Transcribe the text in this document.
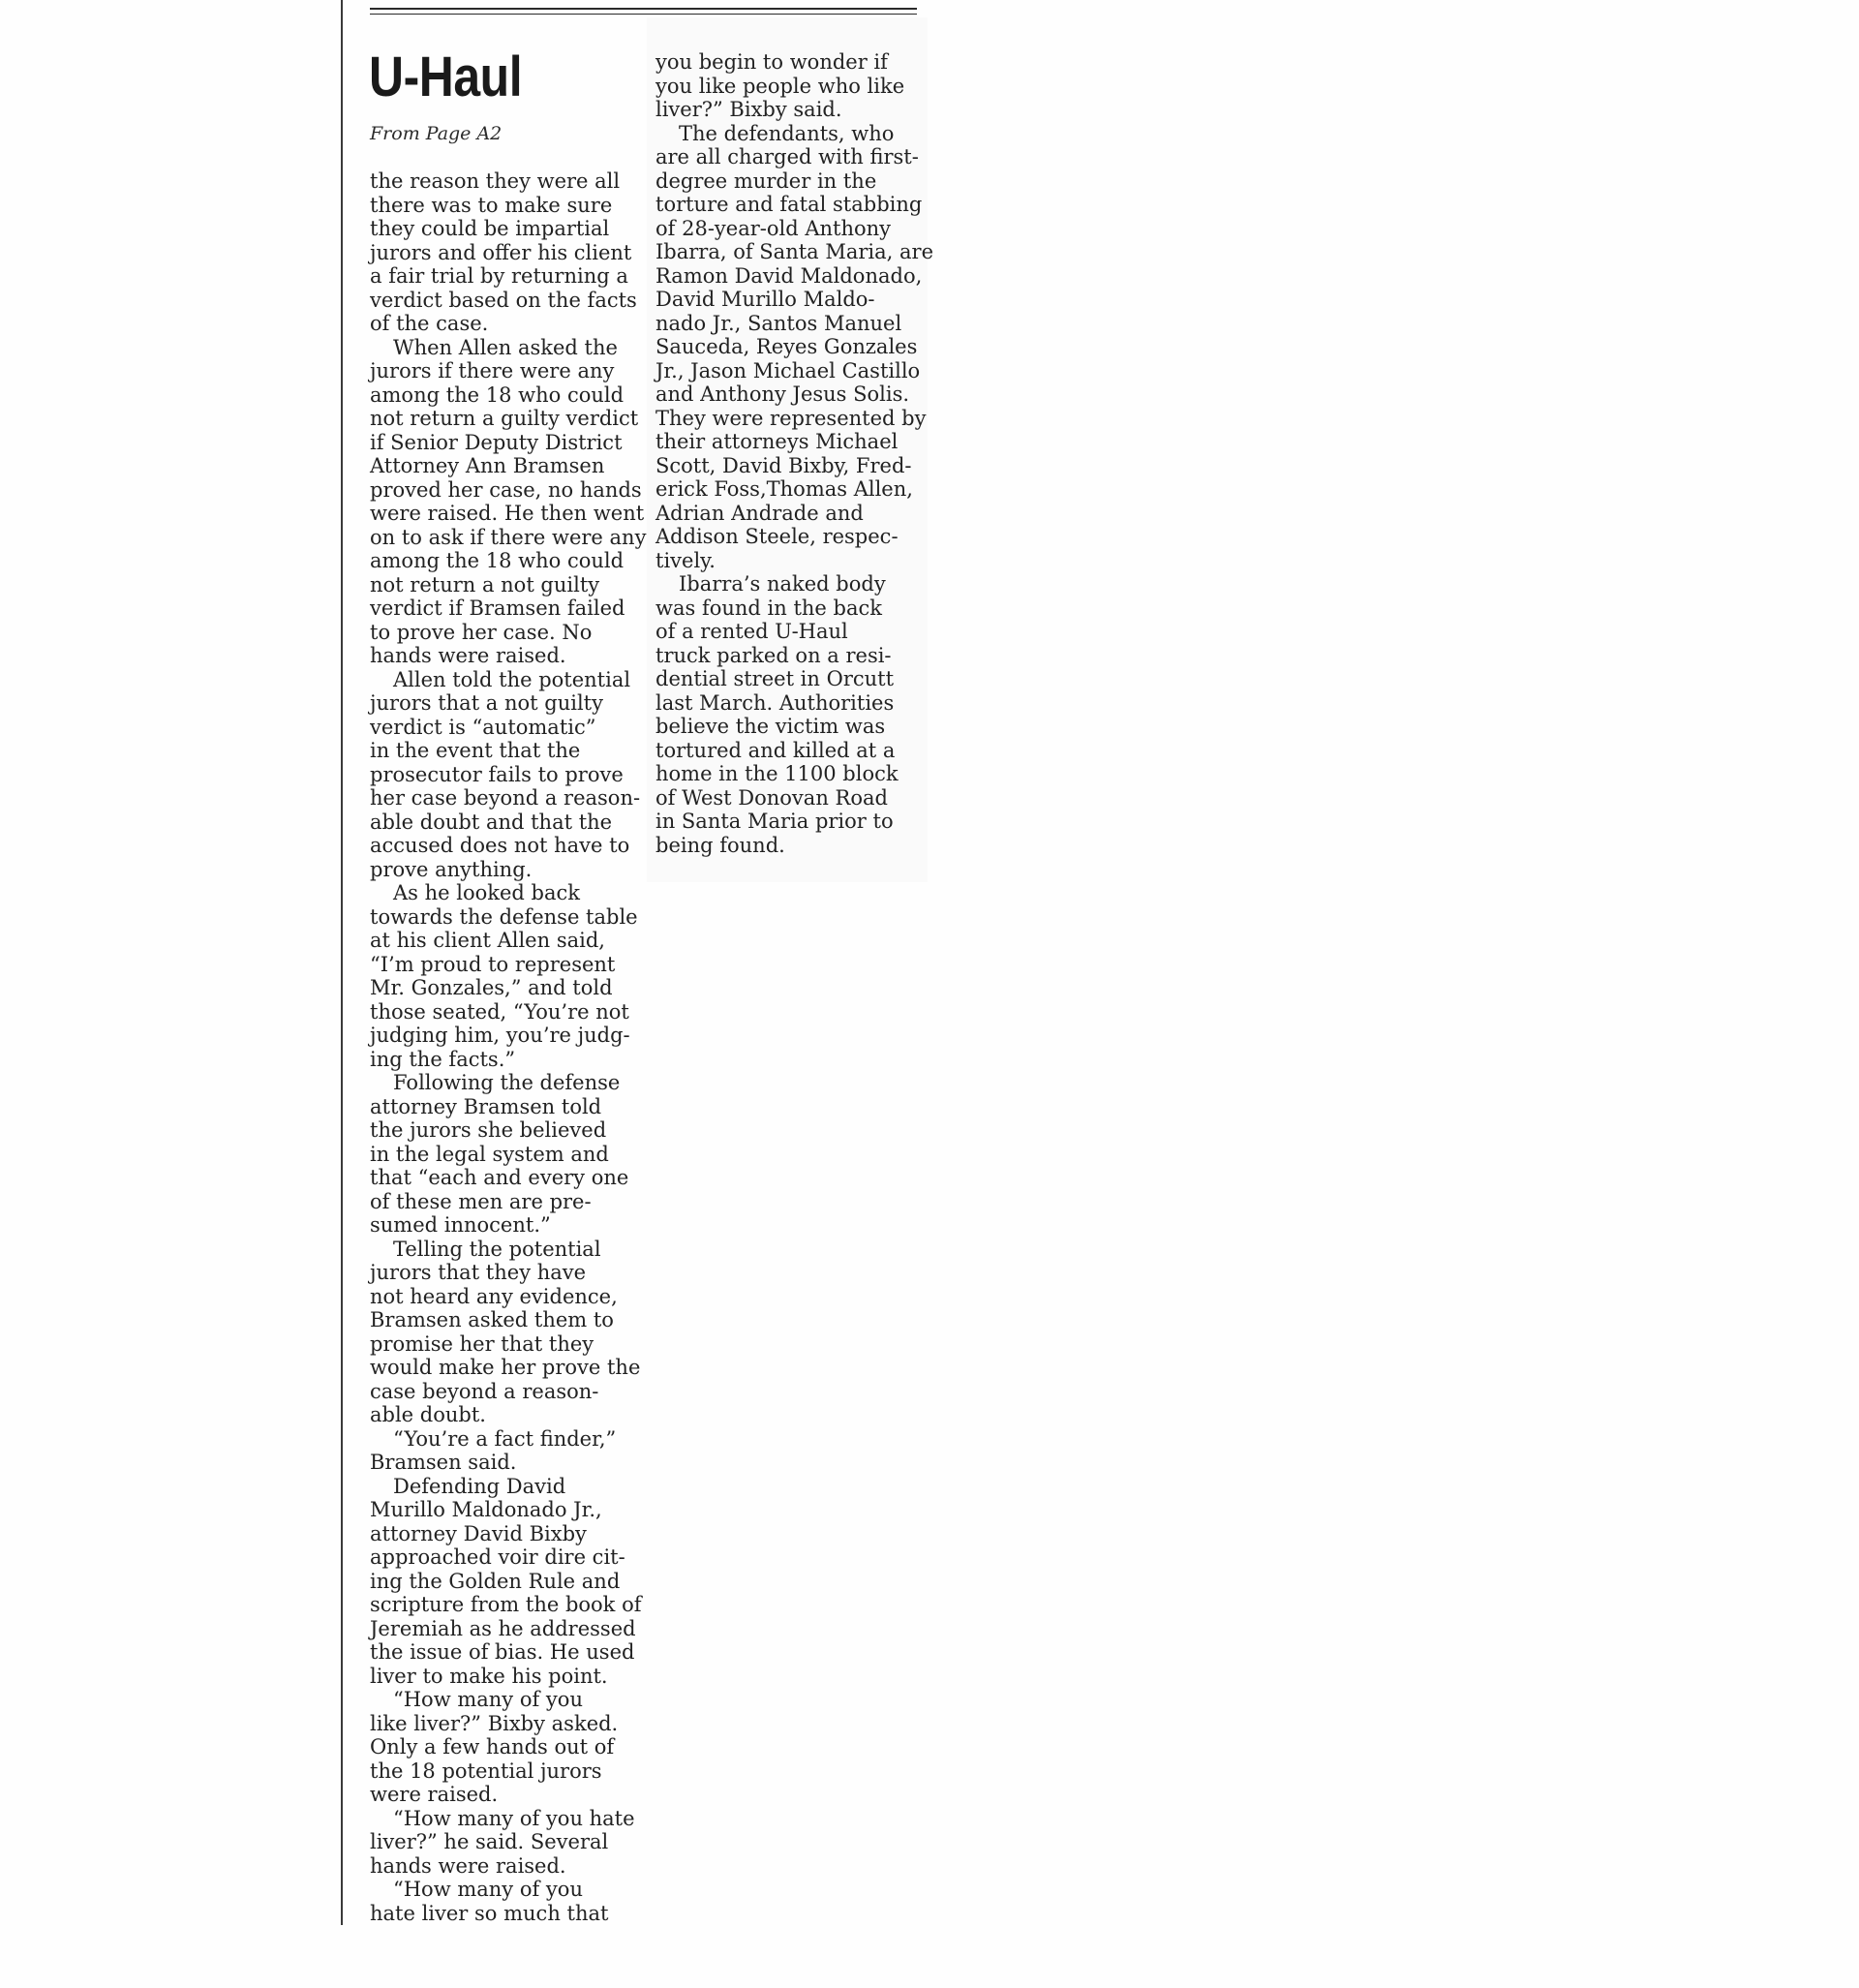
U-Haul
From Page A2

the reason they were all
there was to make sure
they could be impartial
jurors and offer his client
a fair trial by returning a
verdict based on the facts
of the case.

When Allen asked the
jurors if there were any
among the 18 who could
not return a guilty verdict
if Senior Deputy District
Attorney Ann Bramsen
proved her case, no hands
were raised. He then went
on to ask if there were any
among the 18 who could
not return a not guilty
verdict if Bramsen failed
to prove her case. No
hands were raised.

Allen told the potential
jurors that a not guilty
verdict is “automatic”
in the event that the
prosecutor fails to prove
her case beyond a reason-
able doubt and that the
accused does not have to
prove anything.

As he looked back
towards the defense table
at his client Allen said,
“I’m proud to represent
Mr. Gonzales,” and told
those seated, “You’re not
judging him, you’re judg-
ing the facts.”

Following the defense
attorney Bramsen told
the jurors she believed
in the legal system and
that “each and every one
of these men are pre-
sumed innocent.”

Telling the potential
jurors that they have
not heard any evidence,
Bramsen asked them to
promise her that they
would make her prove the
case beyond a reason-
able doubt.

“You’re a fact finder,”
Bramsen said.

Defending David
Murillo Maldonado Jr.,
attorney David Bixby
approached voir dire cit-
ing the Golden Rule and
scripture from the book of
Jeremiah as he addressed
the issue of bias. He used
liver to make his point.

“How many of you
like liver?” Bixby asked.
Only a few hands out of
the 18 potential jurors
were raised.

“How many of you hate
liver?” he said. Several
hands were raised.

“How many of you
hate liver so much that

you begin to wonder if
you like people who like
liver?” Bixby said.

The defendants, who
are all charged with first-
degree murder in the
torture and fatal stabbing
of 28-year-old Anthony
Ibarra, of Santa Maria, are
Ramon David Maldonado,
David Murillo Maldo-
nado Jr., Santos Manuel
Sauceda, Reyes Gonzales
Jr., Jason Michael Castillo
and Anthony Jesus Solis.
They were represented by
their attorneys Michael
Scott, David Bixby, Fred-
erick Foss,Thomas Allen,
Adrian Andrade and
Addison Steele, respec-
tively.

Ibarra’s naked body
was found in the back
of a rented U-Haul
truck parked on a resi-
dential street in Orcutt
last March. Authorities
believe the victim was
tortured and killed at a
home in the 1100 block
of West Donovan Road
in Santa Maria prior to
being found.
